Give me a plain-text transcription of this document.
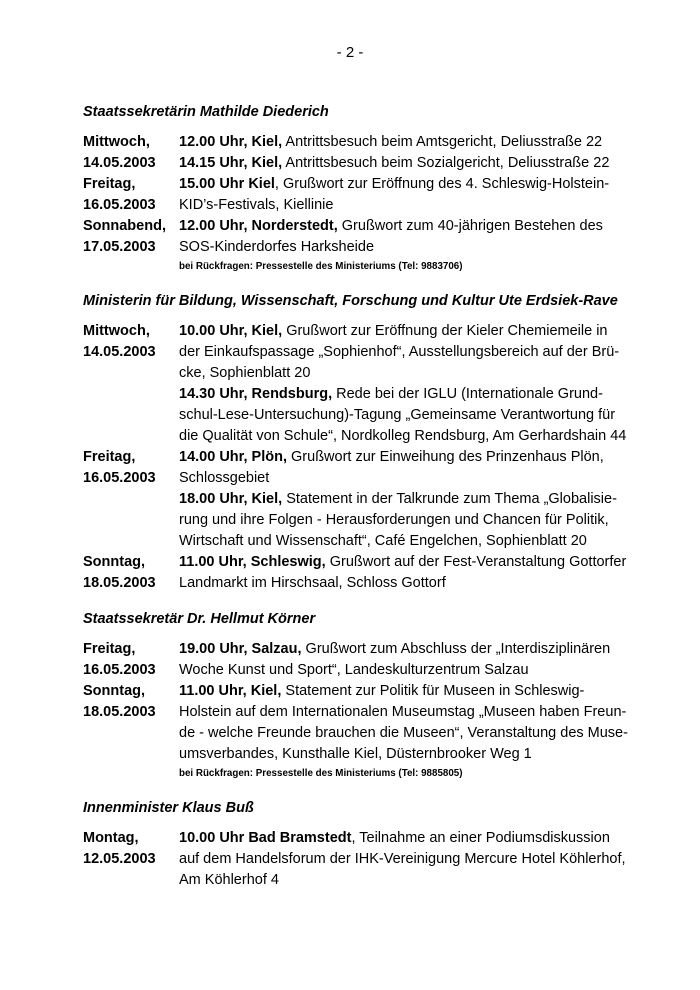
- 2 -
Staatssekretärin Mathilde Diederich
Mittwoch,	12.00 Uhr, Kiel, Antrittsbesuch beim Amtsgericht, Deliusstraße 22
14.05.2003	14.15 Uhr, Kiel, Antrittsbesuch beim Sozialgericht, Deliusstraße 22
Freitag,	15.00 Uhr Kiel, Grußwort zur Eröffnung des 4. Schleswig-Holstein-
16.05.2003	KID’s-Festivals, Kiellinie
Sonnabend, 12.00 Uhr, Norderstedt, Grußwort zum 40-jährigen Bestehen des
17.05.2003	SOS-Kinderdorfes Harksheide
bei Rückfragen: Pressestelle des Ministeriums (Tel: 9883706)
Ministerin für Bildung, Wissenschaft, Forschung und Kultur Ute Erdsiek-Rave
Mittwoch,	10.00 Uhr, Kiel, Grußwort zur Eröffnung der Kieler Chemiemeile in
14.05.2003	der Einkaufspassage „Sophienhof“, Ausstellungsbereich auf der Brü-
cke, Sophienblatt 20
14.30 Uhr, Rendsburg, Rede bei der IGLU (Internationale Grund-
schul-Lese-Untersuchung)-Tagung „Gemeinsame Verantwortung für
die Qualität von Schule“, Nordkolleg Rendsburg, Am Gerhardshain 44
Freitag,	14.00 Uhr, Plön, Grußwort zur Einweihung des Prinzenhaus Plön,
16.05.2003	Schlossgebiet
18.00 Uhr, Kiel, Statement in der Talkrunde zum Thema „Globalisie-
rung und ihre Folgen - Herausforderungen und Chancen für Politik,
Wirtschaft und Wissenschaft“, Café Engelchen, Sophienblatt 20
Sonntag,	11.00 Uhr, Schleswig, Grußwort auf der Fest-Veranstaltung Gottorfer
18.05.2003	Landmarkt im Hirschsaal, Schloss Gottorf
Staatssekretär Dr. Hellmut Körner
Freitag,	19.00 Uhr, Salzau, Grußwort zum Abschluss der „Interdisziplinären
16.05.2003	Woche Kunst und Sport“, Landeskulturzentrum Salzau
Sonntag,	11.00 Uhr, Kiel, Statement zur Politik für Museen in Schleswig-
18.05.2003	Holstein auf dem Internationalen Museumstag „Museen haben Freun-
de - welche Freunde brauchen die Museen“, Veranstaltung des Muse-
umsverbandes, Kunsthalle Kiel, Düsternbrooker Weg 1
bei Rückfragen: Pressestelle des Ministeriums (Tel: 9885805)
Innenminister Klaus Buß
Montag,	10.00 Uhr Bad Bramstedt, Teilnahme an einer Podiumsdiskussion
12.05.2003	auf dem Handelsforum der IHK-Vereinigung Mercure Hotel Köhlerhof,
Am Köhlerhof 4
